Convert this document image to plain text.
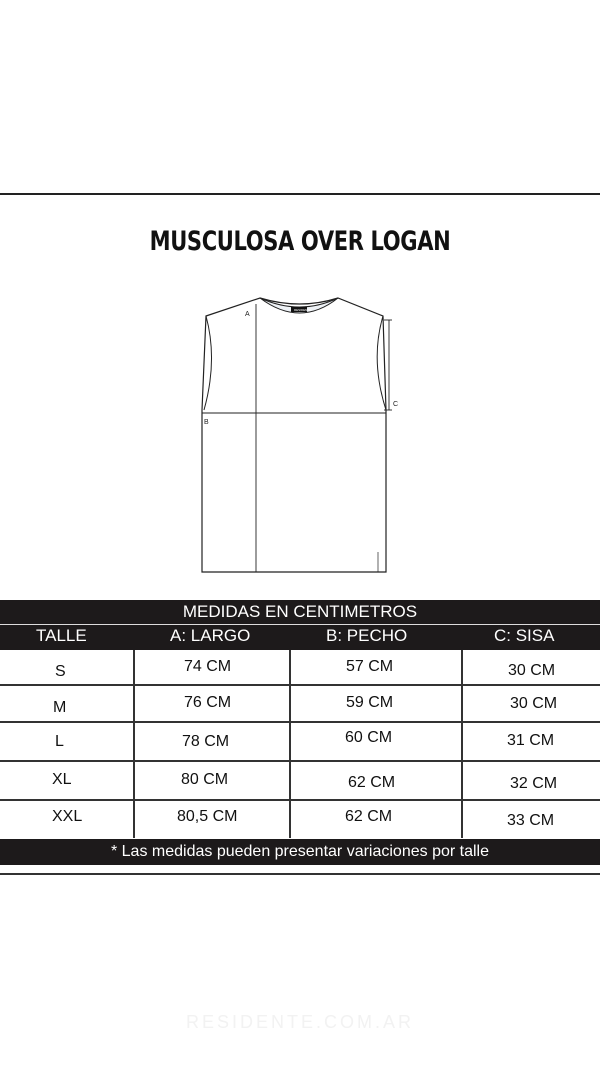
MUSCULOSA OVER LOGAN
RESIDENTE
A
B
C
MEDIDAS EN CENTIMETROS
TALLE	A: LARGO	B: PECHO	C: SISA
S	74 CM	57 CM	30 CM
M	76 CM	59 CM	30 CM
L	78 CM	60 CM	31 CM
XL	80 CM	62 CM	32 CM
XXL	80,5 CM	62 CM	33 CM
* Las medidas pueden presentar variaciones por talle
RESIDENTE.COM.AR
